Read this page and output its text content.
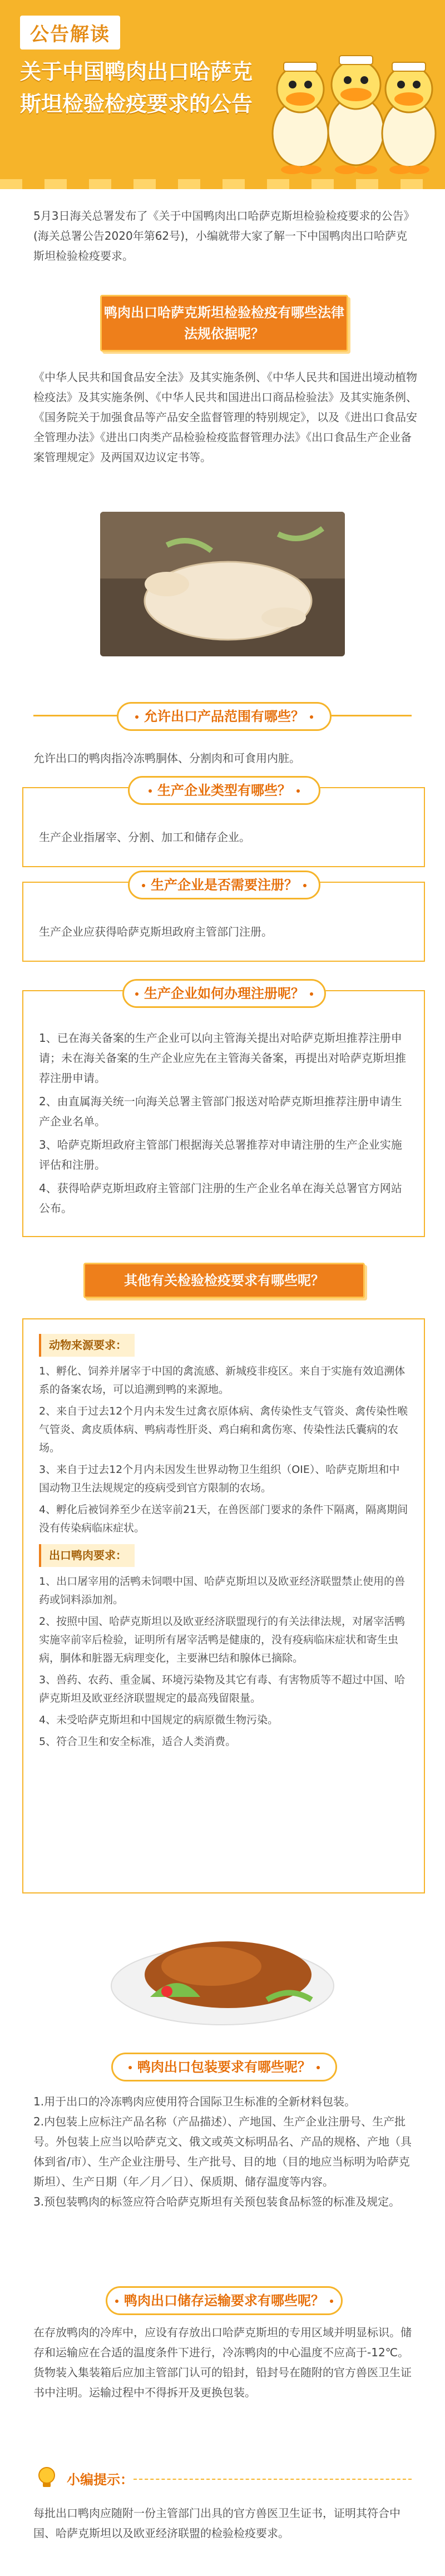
公告解读
关于中国鸭肉出口哈萨克斯坦检验检疫要求的公告
5月3日海关总署发布了《关于中国鸭肉出口哈萨克斯坦检验检疫要求的公告》(海关总署公告2020年第62号)，小编就带大家了解一下中国鸭肉出口哈萨克斯坦检验检疫要求。
鸭肉出口哈萨克斯坦检验检疫有哪些法律法规依据呢？
《中华人民共和国食品安全法》及其实施条例、《中华人民共和国进出境动植物检疫法》及其实施条例、《中华人民共和国进出口商品检验法》及其实施条例、《国务院关于加强食品等产品安全监督管理的特别规定》，以及《进出口食品安全管理办法》《进出口肉类产品检验检疫监督管理办法》《出口食品生产企业备案管理规定》及两国双边议定书等。
允许出口产品范围有哪些？
允许出口的鸭肉指冷冻鸭胴体、分割肉和可食用内脏。
生产企业指屠宰、分割、加工和储存企业。
生产企业类型有哪些？
生产企业应获得哈萨克斯坦政府主管部门注册。
生产企业是否需要注册？

1、已在海关备案的生产企业可以向主管海关提出对哈萨克斯坦推荐注册申请；未在海关备案的生产企业应先在主管海关备案，再提出对哈萨克斯坦推荐注册申请。

2、由直属海关统一向海关总署主管部门报送对哈萨克斯坦推荐注册申请生产企业名单。

3、哈萨克斯坦政府主管部门根据海关总署推荐对申请注册的生产企业实施评估和注册。

4、获得哈萨克斯坦政府主管部门注册的生产企业名单在海关总署官方网站公布。

生产企业如何办理注册呢？
其他有关检验检疫要求有哪些呢？
动物来源要求：

1、孵化、饲养并屠宰于中国的禽流感、新城疫非疫区。来自于实施有效追溯体系的备案农场，可以追溯到鸭的来源地。

2、来自于过去12个月内未发生过禽衣原体病、禽传染性支气管炎、禽传染性喉气管炎、禽皮质体病、鸭病毒性肝炎、鸡白痢和禽伤寒、传染性法氏囊病的农场。

3、来自于过去12个月内未因发生世界动物卫生组织（OIE）、哈萨克斯坦和中国动物卫生法规规定的疫病受到官方限制的农场。

4、孵化后被饲养至少在送宰前21天，在兽医部门要求的条件下隔离，隔离期间没有传染病临床症状。

出口鸭肉要求：

1、出口屠宰用的活鸭未饲喂中国、哈萨克斯坦以及欧亚经济联盟禁止使用的兽药或饲料添加剂。

2、按照中国、哈萨克斯坦以及欧亚经济联盟现行的有关法律法规，对屠宰活鸭实施宰前宰后检验，证明所有屠宰活鸭是健康的，没有疫病临床症状和寄生虫病，胴体和脏器无病理变化，主要淋巴结和腺体已摘除。

3、兽药、农药、重金属、环境污染物及其它有毒、有害物质等不超过中国、哈萨克斯坦及欧亚经济联盟规定的最高残留限量。

4、未受哈萨克斯坦和中国规定的病原微生物污染。

5、符合卫生和安全标准，适合人类消费。

鸭肉出口包装要求有哪些呢？
1.用于出口的冷冻鸭肉应使用符合国际卫生标准的全新材料包装。
2.内包装上应标注产品名称（产品描述）、产地国、生产企业注册号、生产批号。外包装上应当以哈萨克文、俄文或英文标明品名、产品的规格、产地（具体到省/市）、生产企业注册号、生产批号、目的地（目的地应当标明为哈萨克斯坦）、生产日期（年／月／日）、保质期、储存温度等内容。
3.预包装鸭肉的标签应符合哈萨克斯坦有关预包装食品标签的标准及规定。
鸭肉出口储存运输要求有哪些呢？
在存放鸭肉的冷库中，应设有存放出口哈萨克斯坦的专用区域并明显标识。储存和运输应在合适的温度条件下进行，冷冻鸭肉的中心温度不应高于-12℃。货物装入集装箱后应加主管部门认可的铅封，铅封号在随附的官方兽医卫生证书中注明。运输过程中不得拆开及更换包装。
小编提示：
每批出口鸭肉应随附一份主管部门出具的官方兽医卫生证书，证明其符合中国、哈萨克斯坦以及欧亚经济联盟的检验检疫要求。
